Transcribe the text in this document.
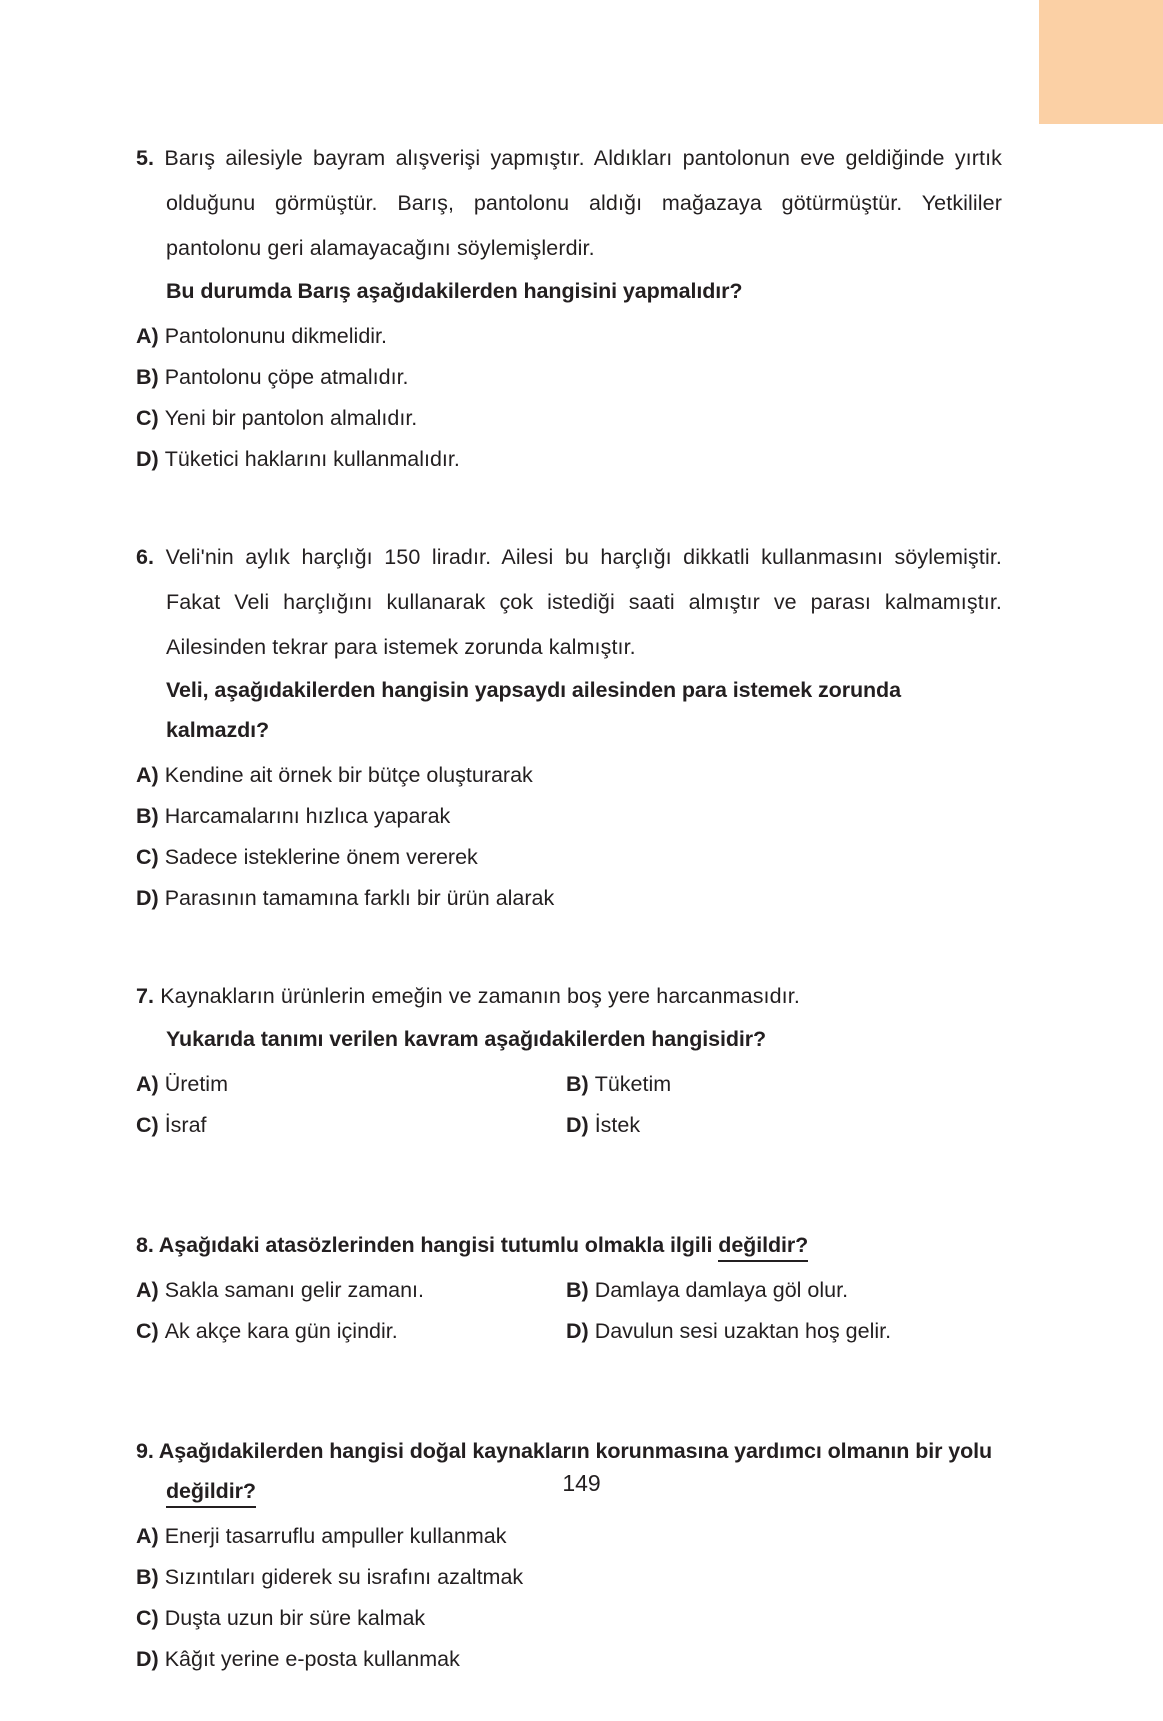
5. Barış ailesiyle bayram alışverişi yapmıştır. Aldıkları pantolonun eve geldiğinde yırtık olduğunu görmüştür. Barış, pantolonu aldığı mağazaya götürmüştür. Yetkililer pantolonu geri alamayacağını söylemişlerdir.
Bu durumda Barış aşağıdakilerden hangisini yapmalıdır?
A) Pantolonunu dikmelidir.
B) Pantolonu çöpe atmalıdır.
C) Yeni bir pantolon almalıdır.
D) Tüketici haklarını kullanmalıdır.
6. Veli'nin aylık harçlığı 150 liradır. Ailesi bu harçlığı dikkatli kullanmasını söylemiştir. Fakat Veli harçlığını kullanarak çok istediği saati almıştır ve parası kalmamıştır. Ailesinden tekrar para istemek zorunda kalmıştır.
Veli, aşağıdakilerden hangisin yapsaydı ailesinden para istemek zorunda kalmazdı?
A) Kendine ait örnek bir bütçe oluşturarak
B) Harcamalarını hızlıca yaparak
C) Sadece isteklerine önem vererek
D) Parasının tamamına farklı bir ürün alarak
7. Kaynakların ürünlerin emeğin ve zamanın boş yere harcanmasıdır.
Yukarıda tanımı verilen kavram aşağıdakilerden hangisidir?
A) Üretim	B) Tüketim
C) İsraf	D) İstek
8. Aşağıdaki atasözlerinden hangisi tutumlu olmakla ilgili değildir?
A) Sakla samanı gelir zamanı.	B) Damlaya damlaya göl olur.
C) Ak akçe kara gün içindir.	D) Davulun sesi uzaktan hoş gelir.
9. Aşağıdakilerden hangisi doğal kaynakların korunmasına yardımcı olmanın bir yolu değildir?
A) Enerji tasarruflu ampuller kullanmak
B) Sızıntıları giderek su israfını azaltmak
C) Duşta uzun bir süre kalmak
D) Kâğıt yerine e-posta kullanmak
149
